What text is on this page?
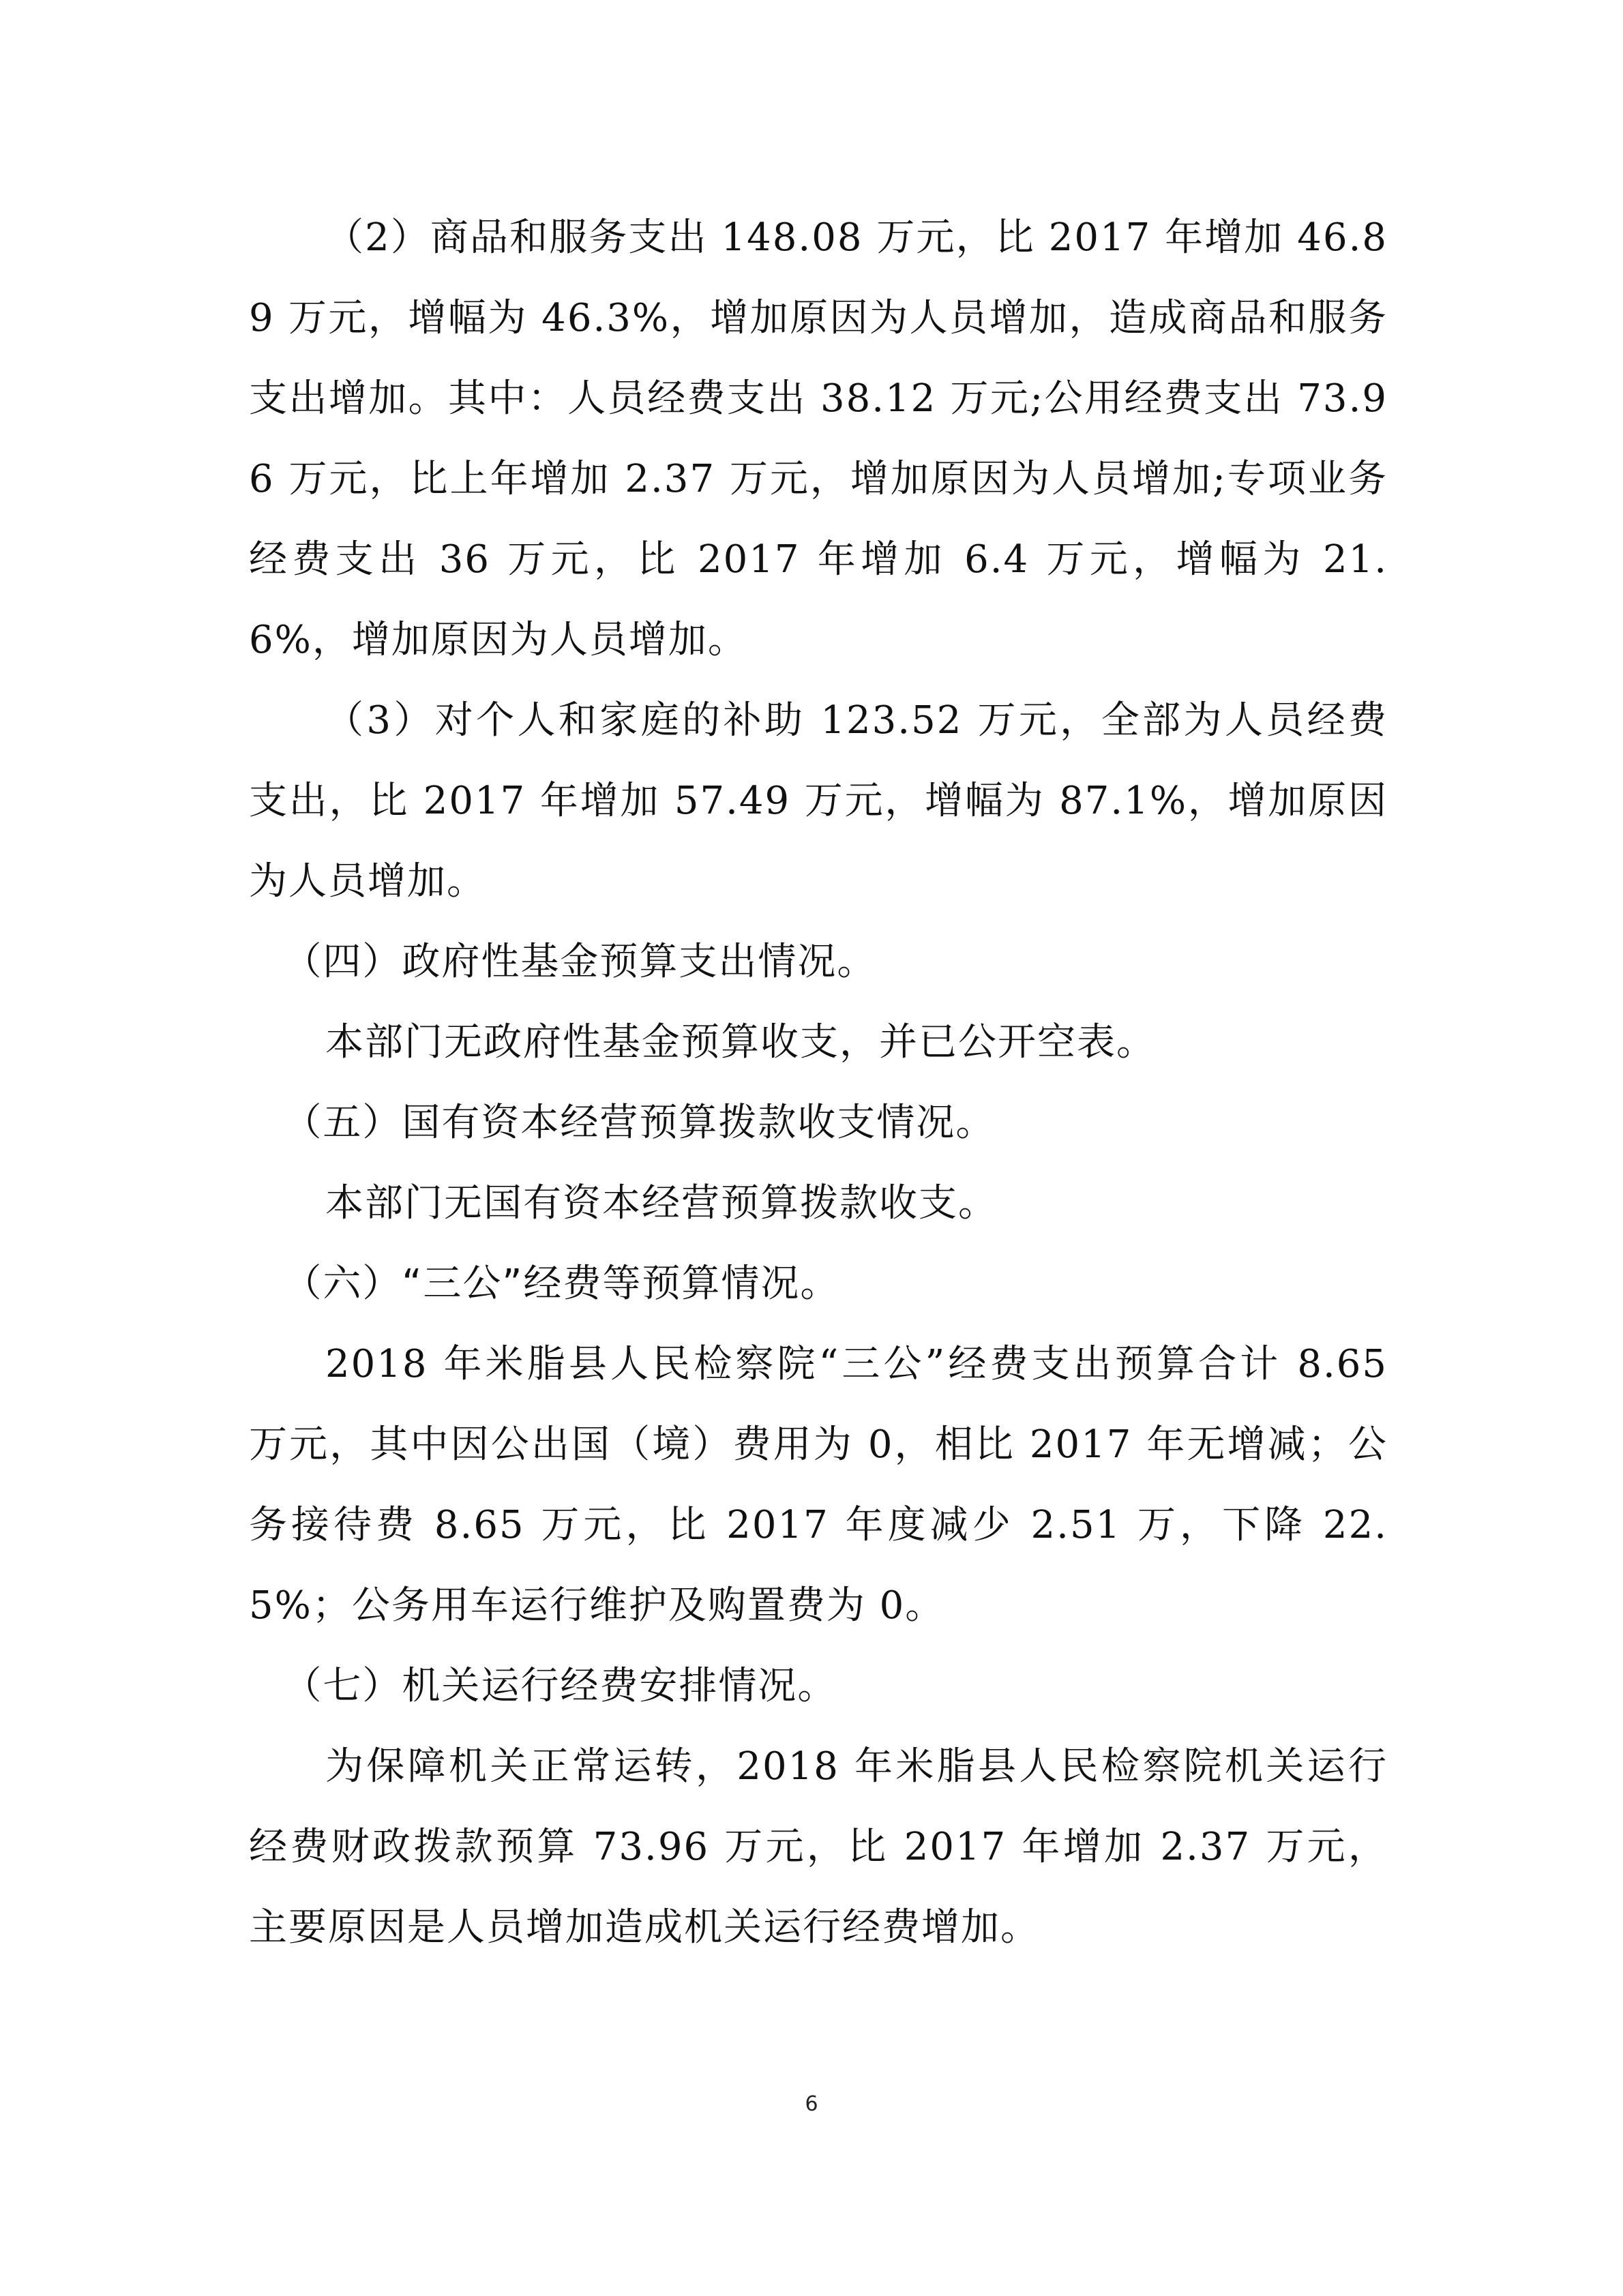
（2）商品和服务支出 148.08 万元，比 2017 年增加 46.89 万元，增幅为 46.3%，增加原因为人员增加，造成商品和服务支出增加。其中：人员经费支出 38.12 万元;公用经费支出 73.96 万元，比上年增加 2.37 万元，增加原因为人员增加;专项业务经费支出 36 万元，比 2017 年增加 6.4 万元，增幅为 21.6%，增加原因为人员增加。

（3）对个人和家庭的补助 123.52 万元，全部为人员经费支出，比 2017 年增加 57.49 万元，增幅为 87.1%，增加原因为人员增加。

（四）政府性基金预算支出情况。

本部门无政府性基金预算收支，并已公开空表。

（五）国有资本经营预算拨款收支情况。

本部门无国有资本经营预算拨款收支。

（六）“三公”经费等预算情况。

2018 年米脂县人民检察院“三公”经费支出预算合计 8.65 万元，其中因公出国（境）费用为 0，相比 2017 年无增减；公务接待费 8.65 万元，比 2017 年度减少 2.51 万，下降 22.5%；公务用车运行维护及购置费为 0。

（七）机关运行经费安排情况。

为保障机关正常运转，2018 年米脂县人民检察院机关运行经费财政拨款预算 73.96 万元，比 2017 年增加 2.37 万元，主要原因是人员增加造成机关运行经费增加。

6
